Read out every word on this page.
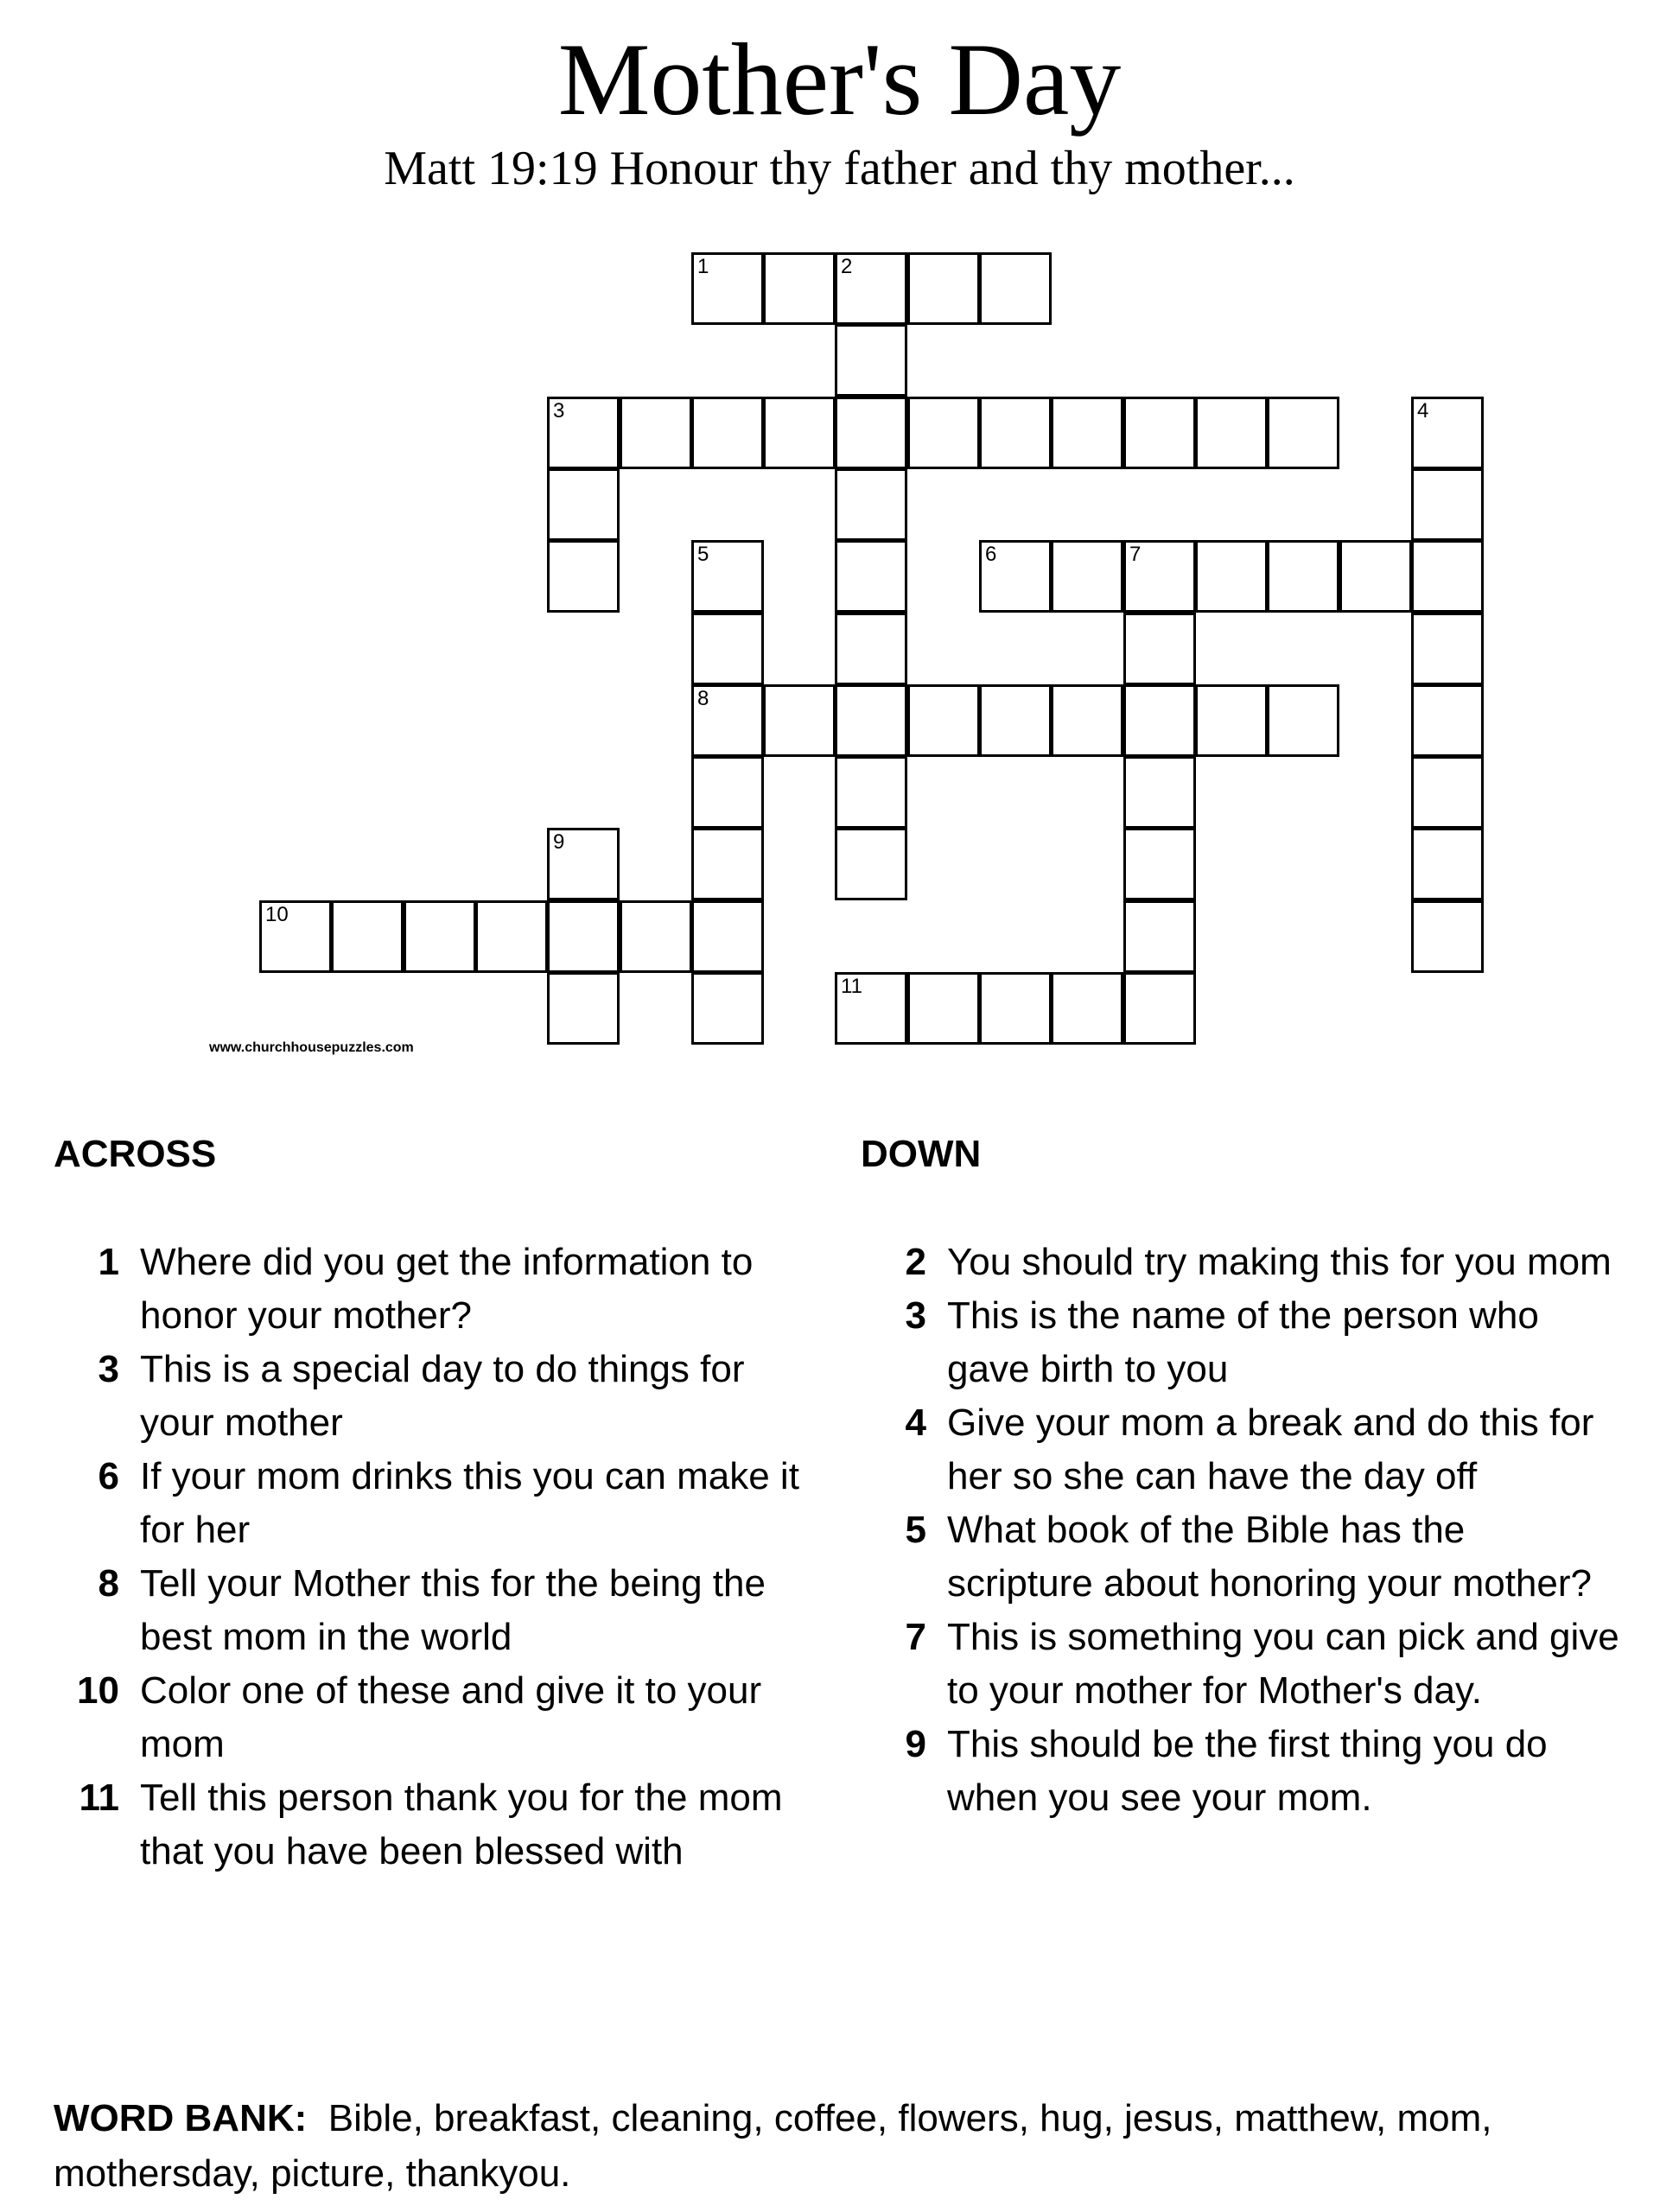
Mother's Day
Matt 19:19 Honour thy father and thy mother...
1	2
3
6	7
8
10
11
4
5
9
www.churchhousepuzzles.com
ACROSS	DOWN
1 Where did you get the information to honor your mother?
3 This is a special day to do things for your mother
6 If your mom drinks this you can make it for her
8 Tell your Mother this for the being the best mom in the world
10 Color one of these and give it to your mom
11 Tell this person thank you for the mom that you have been blessed with
2 You should try making this for you mom
3 This is the name of the person who gave birth to you
4 Give your mom a break and do this for her so she can have the day off
5 What book of the Bible has the scripture about honoring your mother?
7 This is something you can pick and give to your mother for Mother's day.
9 This should be the first thing you do when you see your mom.
WORD BANK: Bible, breakfast, cleaning, coffee, flowers, hug, jesus, matthew, mom, mothersday, picture, thankyou.
